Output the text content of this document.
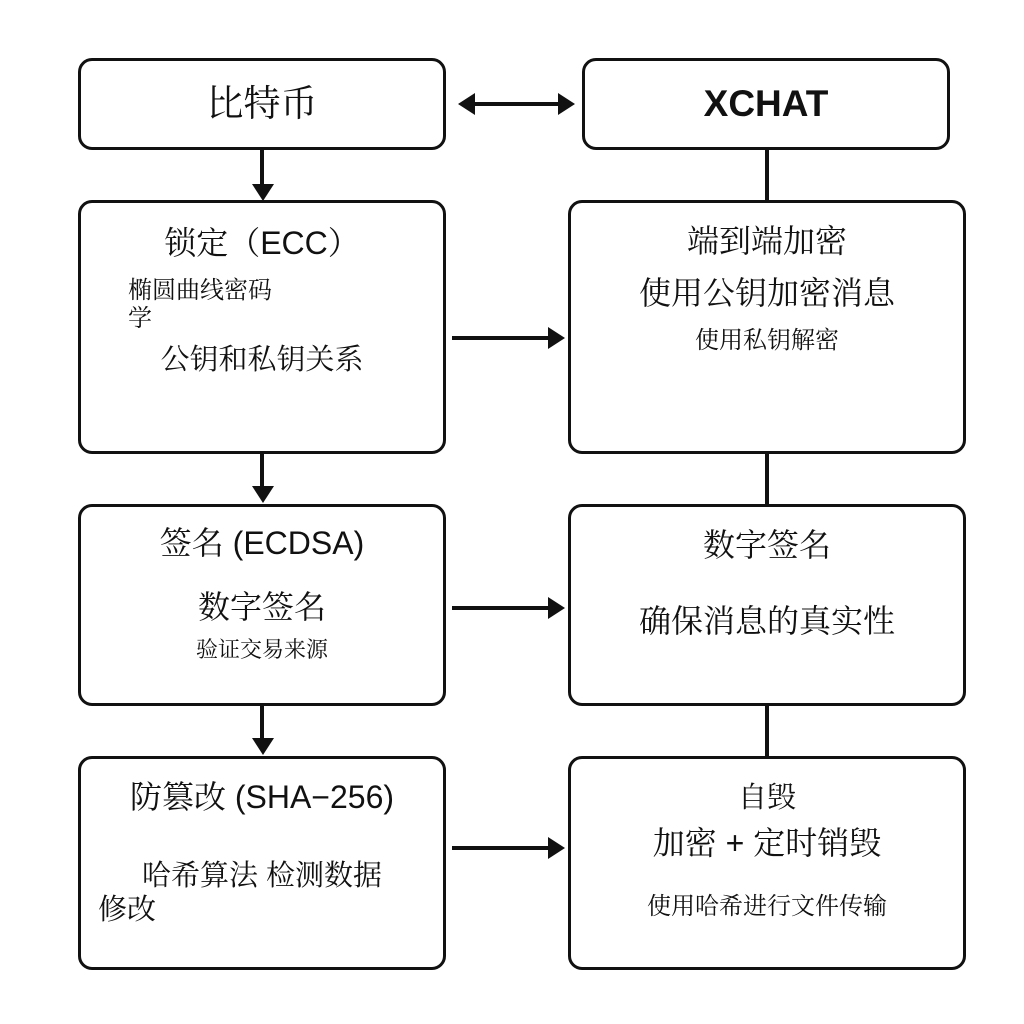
比特币	XCHAT
锁定（ECC）
椭圆曲线密码
学
公钥和私钥关系
端到端加密
使用公钥加密消息
使用私钥解密
签名 (ECDSA)
数字签名
验证交易来源
数字签名
确保消息的真实性
防篡改 (SHA−256)
哈希算法 检测数据
修改
自毁
加密 + 定时销毁
使用哈希进行文件传输
